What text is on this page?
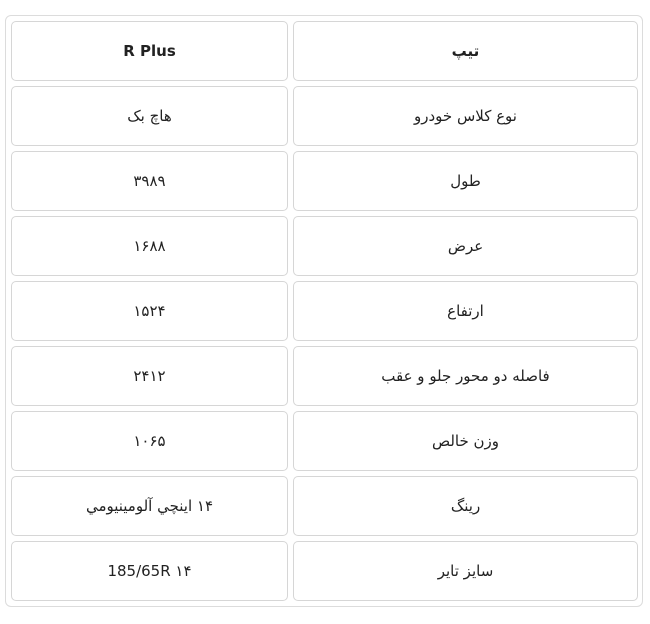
R Plus	تیپ
هاچ بک	نوع کلاس خودرو
۳۹۸۹	طول
۱۶۸۸	عرض
۱۵۲۴	ارتفاع
۲۴۱۲	فاصله دو محور جلو و عقب
۱۰۶۵	وزن خالص
۱۴ اینچي آلومینیومي	رینگ
185/65R ۱۴	سایز تایر
